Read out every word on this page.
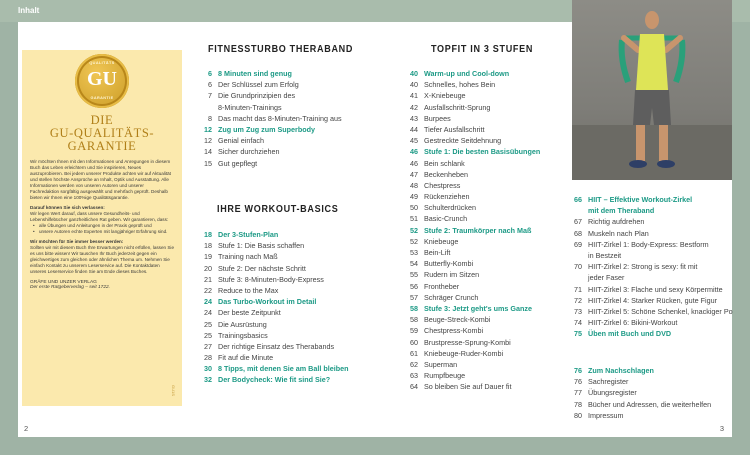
Inhalt
2	3
QUALITÄTS
GU
GARANTIE
DIE
GU-QUALITÄTS-
GARANTIE

Wir möchten Ihnen mit den Informationen und Anregungen in diesem Buch das Leben erleichtern und Sie inspirieren, Neues auszuprobieren. Bei jedem unserer Produkte achten wir auf Aktualität und stellen höchste Ansprüche an Inhalt, Optik und Ausstattung. Alle Informationen werden von unseren Autoren und unserer Fachredaktion sorgfältig ausgewählt und mehrfach geprüft. Deshalb bieten wir Ihnen eine 100%ige Qualitätsgarantie.

Darauf können Sie sich verlassen:

Wir legen Wert darauf, dass unsere Gesundheits- und Lebenshilfebücher ganzheitlichen Rat geben. Wir garantieren, dass:

• alle Übungen und Anleitungen in der Praxis geprüft und
• unsere Autoren echte Experten mit langjähriger Erfahrung sind.

Wir möchten für Sie immer besser werden:

Sollten wir mit diesem Buch Ihre Erwartungen nicht erfüllen, lassen Sie es uns bitte wissen! Wir tauschen Ihr Buch jederzeit gegen ein gleichwertiges zum gleichen oder ähnlichen Thema um. Nehmen Sie einfach Kontakt zu unserem Leserservice auf. Die Kontaktdaten unseres Leserservice finden Sie am Ende dieses Buches.

GRÄFE UND UNZER VERLAG

Der erste Ratgeberverlag – seit 1722.

GU1S
FITNESSTURBO THERABAND
6 8 Minuten sind genug
6 Der Schlüssel zum Erfolg
7 Die Grundprinzipien des
8-Minuten-Trainings
8 Das macht das 8-Minuten-Training aus
12 Zug um Zug zum Superbody
12 Genial einfach
14 Sicher durchziehen
15 Gut gepflegt
IHRE WORKOUT-BASICS
18 Der 3-Stufen-Plan
18 Stufe 1: Die Basis schaffen
19 Training nach Maß
20 Stufe 2: Der nächste Schritt
21 Stufe 3: 8-Minuten-Body-Express
22 Reduce to the Max
24 Das Turbo-Workout im Detail
24 Der beste Zeitpunkt
25 Die Ausrüstung
25 Trainingsbasics
27 Der richtige Einsatz des Therabands
28 Fit auf die Minute
30 8 Tipps, mit denen Sie am Ball bleiben
32 Der Bodycheck: Wie fit sind Sie?
TOPFIT IN 3 STUFEN
40 Warm-up und Cool-down
40 Schnelles, hohes Bein
41 X-Kniebeuge
42 Ausfallschritt-Sprung
43 Burpees
44 Tiefer Ausfallschritt
45 Gestreckte Seitdehnung
46 Stufe 1: Die besten Basisübungen
46 Bein schlank
47 Beckenheben
48 Chestpress
49 Rückenziehen
50 Schulterdrücken
51 Basic-Crunch
52 Stufe 2: Traumkörper nach Maß
52 Kniebeuge
53 Bein-Lift
54 Butterfly-Kombi
55 Rudern im Sitzen
56 Frontheber
57 Schräger Crunch
58 Stufe 3: Jetzt geht's ums Ganze
58 Beuge-Streck-Kombi
59 Chestpress-Kombi
60 Brustpresse-Sprung-Kombi
61 Kniebeuge-Ruder-Kombi
62 Superman
63 Rumpfbeuge
64 So bleiben Sie auf Dauer fit
66 HIIT – Effektive Workout-Zirkel
mit dem Theraband
67 Richtig aufdrehen
68 Muskeln nach Plan
69 HIIT-Zirkel 1: Body-Express: Bestform
in Bestzeit
70 HIIT-Zirkel 2: Strong is sexy: fit mit
jeder Faser
71 HIIT-Zirkel 3: Flache und sexy Körpermitte
72 HIIT-Zirkel 4: Starker Rücken, gute Figur
73 HIIT-Zirkel 5: Schöne Schenkel, knackiger Po
74 HIIT-Zirkel 6: Bikini-Workout
75 Üben mit Buch und DVD
76 Zum Nachschlagen
76 Sachregister
77 Übungsregister
78 Bücher und Adressen, die weiterhelfen
80 Impressum
